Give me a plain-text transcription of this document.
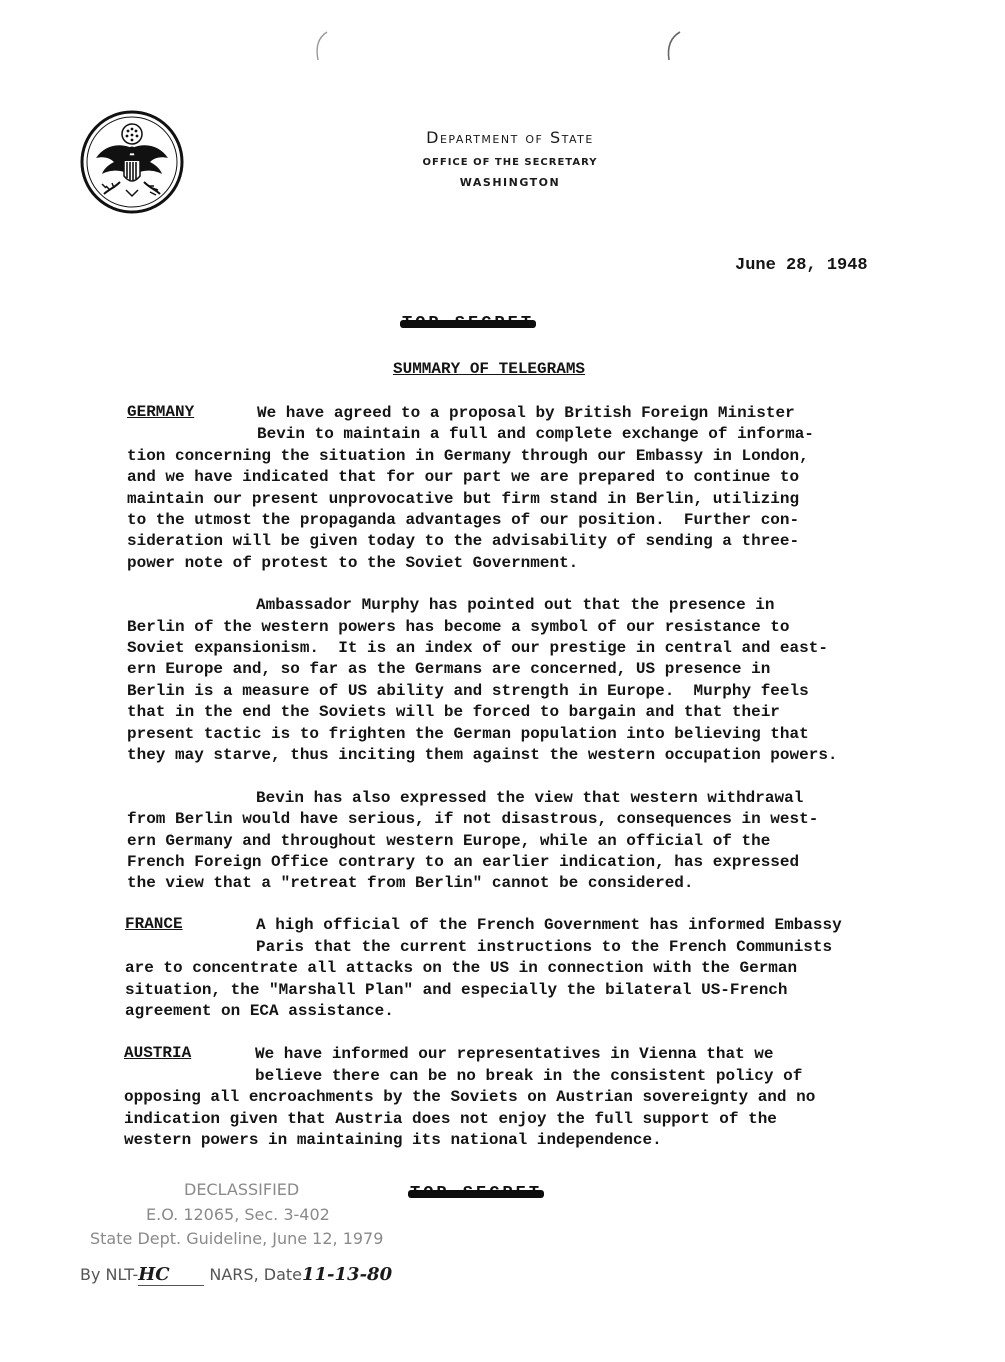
Department of State
OFFICE OF THE SECRETARY
WASHINGTON
June 28, 1948
SUMMARY OF TELEGRAMS
GERMANY	We have agreed to a proposal by British Foreign Minister
Bevin to maintain a full and complete exchange of informa-
tion concerning the situation in Germany through our Embassy in London,
and we have indicated that for our part we are prepared to continue to
maintain our present unprovocative but firm stand in Berlin, utilizing
to the utmost the propaganda advantages of our position.  Further con-
sideration will be given today to the advisability of sending a three-
power note of protest to the Soviet Government.
Ambassador Murphy has pointed out that the presence in
Berlin of the western powers has become a symbol of our resistance to
Soviet expansionism.  It is an index of our prestige in central and east-
ern Europe and, so far as the Germans are concerned, US presence in
Berlin is a measure of US ability and strength in Europe.  Murphy feels
that in the end the Soviets will be forced to bargain and that their
present tactic is to frighten the German population into believing that
they may starve, thus inciting them against the western occupation powers.
Bevin has also expressed the view that western withdrawal
from Berlin would have serious, if not disastrous, consequences in west-
ern Germany and throughout western Europe, while an official of the
French Foreign Office contrary to an earlier indication, has expressed
the view that a "retreat from Berlin" cannot be considered.
FRANCE	A high official of the French Government has informed Embassy
Paris that the current instructions to the French Communists
are to concentrate all attacks on the US in connection with the German
situation, the "Marshall Plan" and especially the bilateral US-French
agreement on ECA assistance.
AUSTRIA	We have informed our representatives in Vienna that we
believe there can be no break in the consistent policy of
opposing all encroachments by the Soviets on Austrian sovereignty and no
indication given that Austria does not enjoy the full support of the
western powers in maintaining its national independence.
DECLASSIFIED
E.O. 12065, Sec. 3-402
State Dept. Guideline, June 12, 1979
By NLT-HC NARS, Date11-13-80
